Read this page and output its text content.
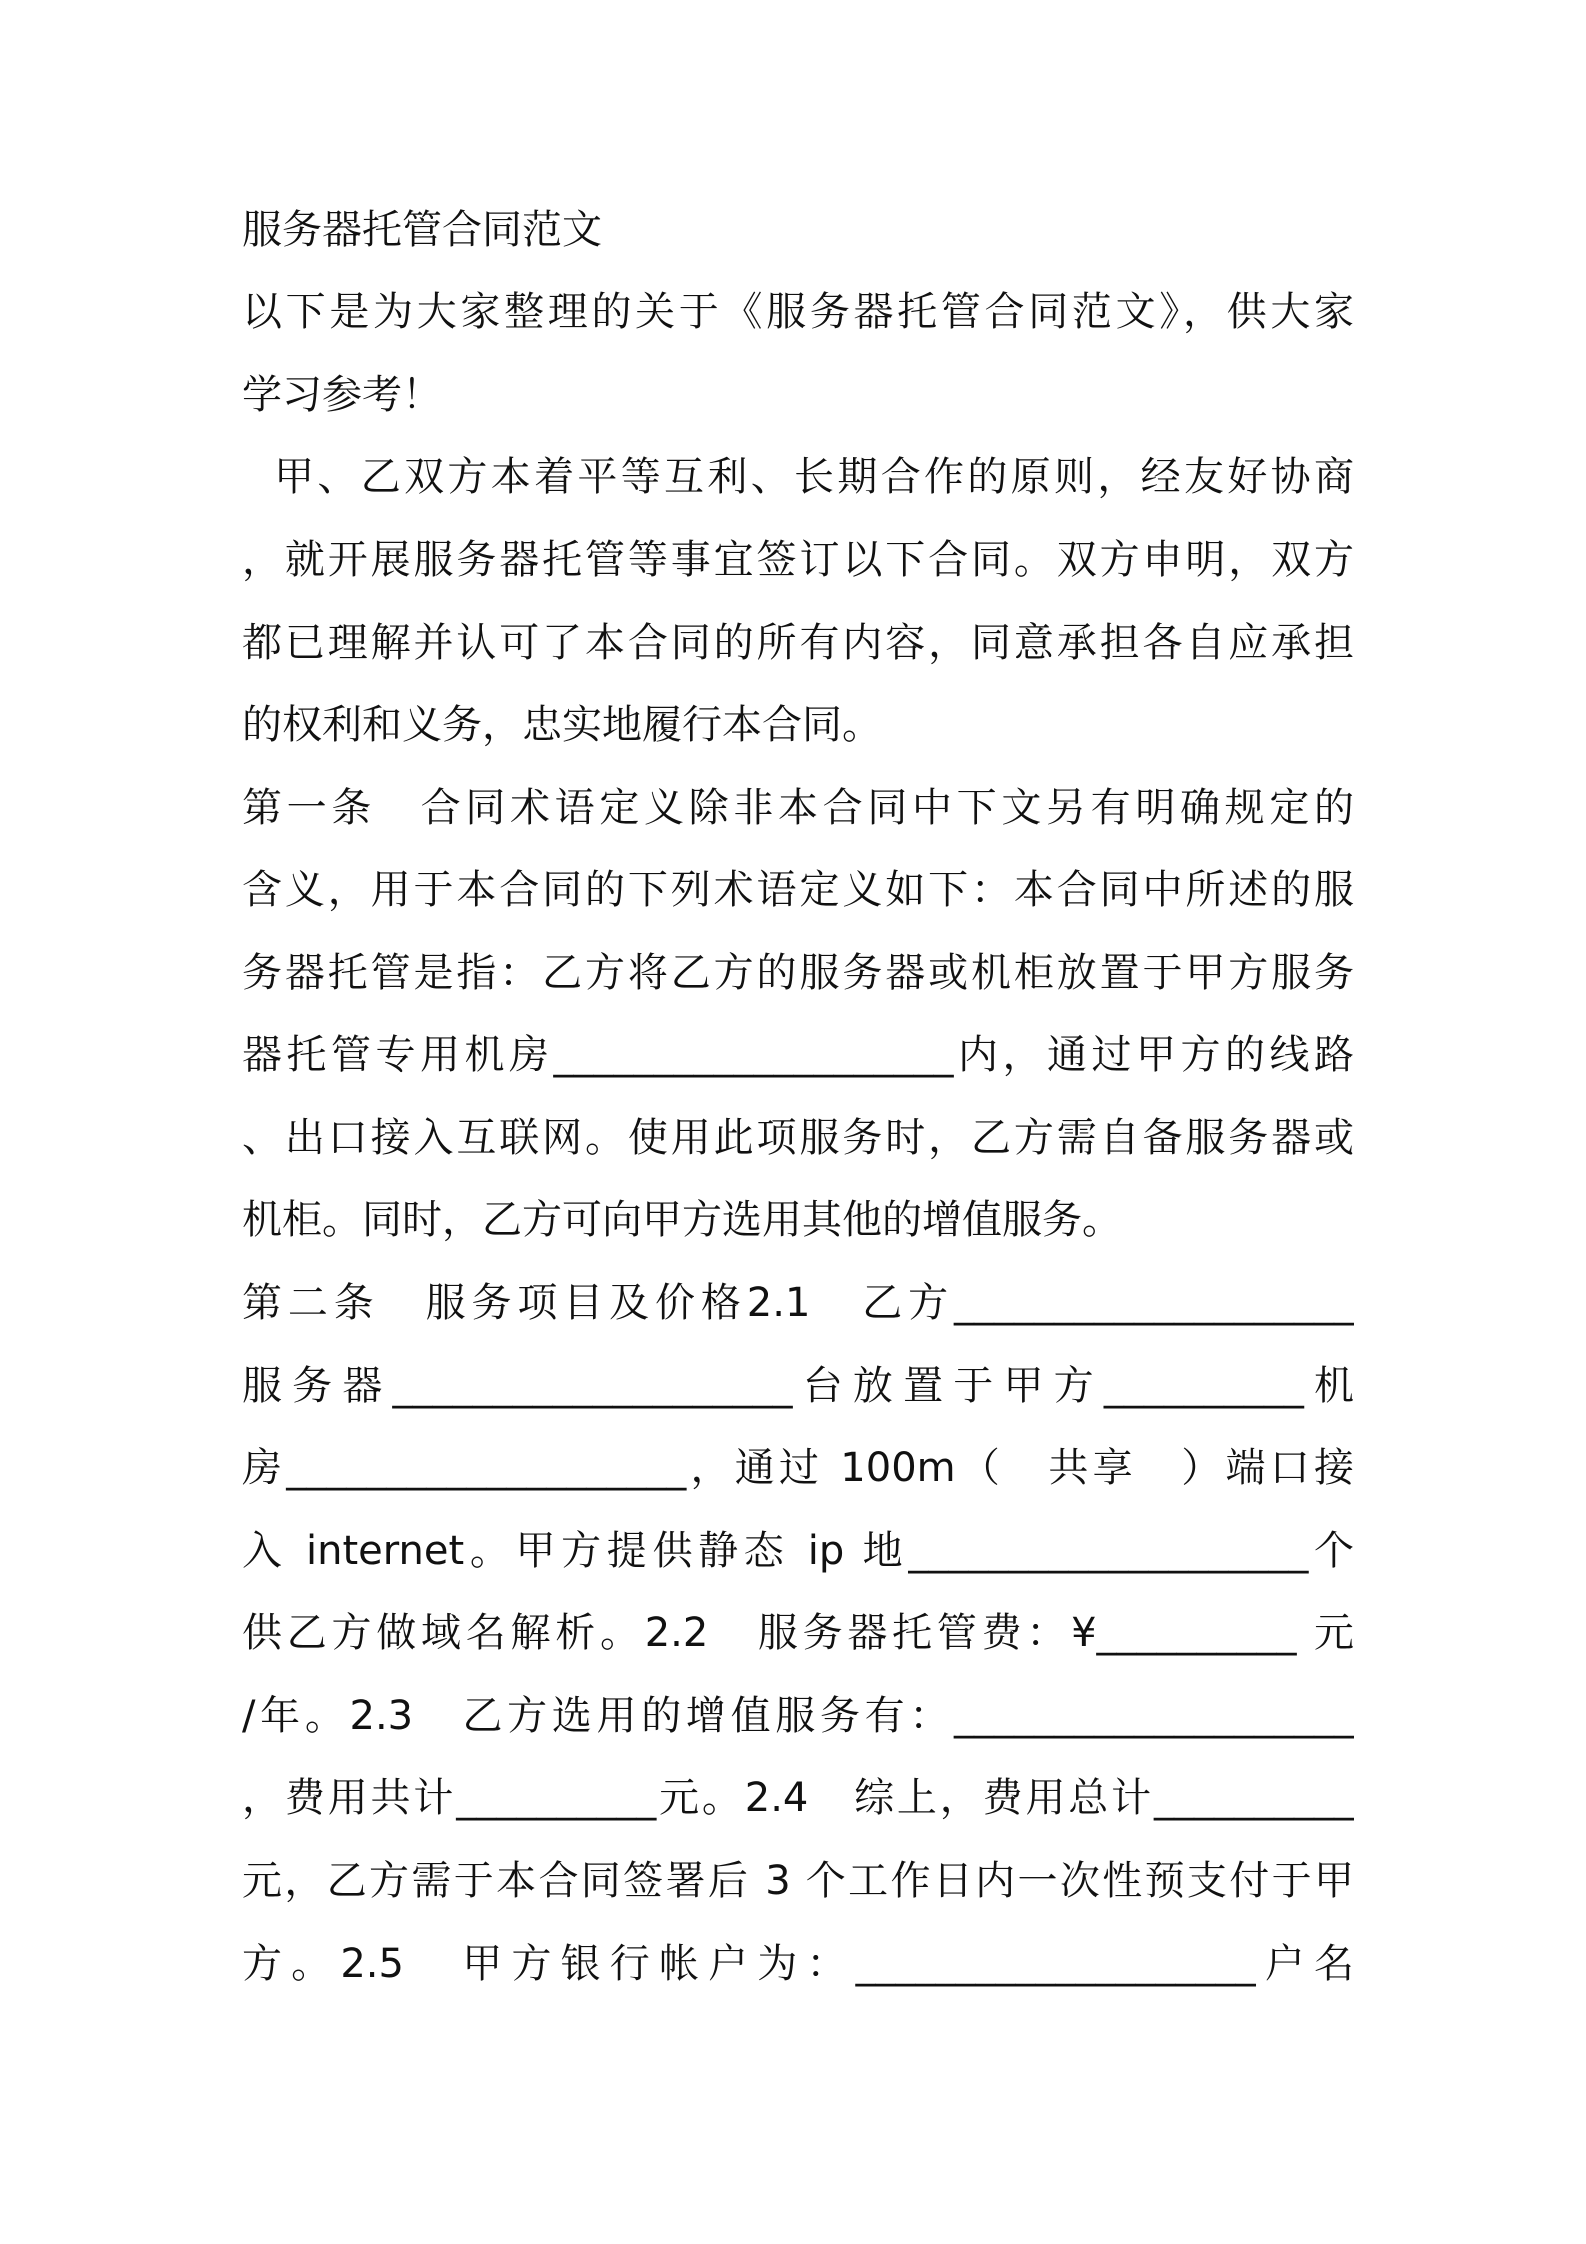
服务器托管合同范文
以下是为大家整理的关于《服务器托管合同范文》，供大家
学习参考！
甲、乙双方本着平等互利、长期合作的原则，经友好协商
，就开展服务器托管等事宜签订以下合同。双方申明，双方
都已理解并认可了本合同的所有内容，同意承担各自应承担
的权利和义务，忠实地履行本合同。
第一条　合同术语定义除非本合同中下文另有明确规定的
含义，用于本合同的下列术语定义如下：本合同中所述的服
务器托管是指：乙方将乙方的服务器或机柜放置于甲方服务
器托管专用机房____________________内，通过甲方的线路
、出口接入互联网。使用此项服务时，乙方需自备服务器或
机柜。同时，乙方可向甲方选用其他的增值服务。
第二条　服务项目及价格2.1　乙方____________________
服务器____________________台放置于甲方__________机
房____________________，通过 100m（　共享　）端口接
入 internet。甲方提供静态 ip 地____________________个
供乙方做域名解析。2.2　服务器托管费：¥__________ 元
/年。2.3　乙方选用的增值服务有：____________________
，费用共计__________元。2.4　综上，费用总计__________
元，乙方需于本合同签署后 3 个工作日内一次性预支付于甲
方。2.5　甲方银行帐户为：____________________户名
